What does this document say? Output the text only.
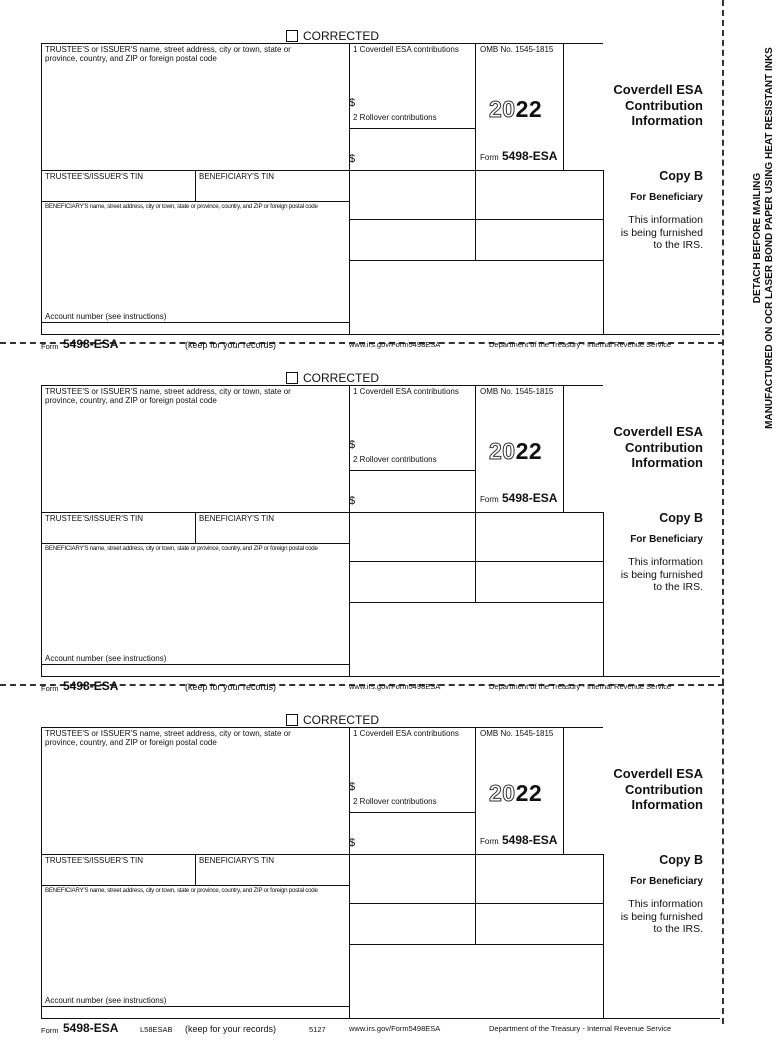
DETACH BEFORE MAILING MANUFACTURED ON OCR LASER BOND PAPER USING HEAT RESISTANT INKS
CORRECTED
TRUSTEE'S or ISSUER'S name, street address, city or town, state or
province, country, and ZIP or foreign postal code
1 Coverdell ESA contributions
$
2 Rollover contributions
$
OMB No. 1545-1815
2022
Form 5498-ESA
Coverdell ESA
Contribution
Information
TRUSTEE'S/ISSUER'S TIN	BENEFICIARY'S TIN
BENEFICIARY'S name, street address, city or town, state or province, country, and ZIP or foreign postal code
Copy B
For Beneficiary
This information
is being furnished
to the IRS.
Account number (see instructions)
Form 5498-ESA	(keep for your records)	www.irs.gov/Form5498ESA	Department of the Treasury - Internal Revenue Service
CORRECTED
TRUSTEE'S or ISSUER'S name, street address, city or town, state or
province, country, and ZIP or foreign postal code
1 Coverdell ESA contributions
$
2 Rollover contributions
$
OMB No. 1545-1815
2022
Form 5498-ESA
Coverdell ESA
Contribution
Information
TRUSTEE'S/ISSUER'S TIN	BENEFICIARY'S TIN
BENEFICIARY'S name, street address, city or town, state or province, country, and ZIP or foreign postal code
Copy B
For Beneficiary
This information
is being furnished
to the IRS.
Account number (see instructions)
Form 5498-ESA	(keep for your records)	www.irs.gov/Form5498ESA	Department of the Treasury - Internal Revenue Service
CORRECTED
TRUSTEE'S or ISSUER'S name, street address, city or town, state or
province, country, and ZIP or foreign postal code
1 Coverdell ESA contributions
$
2 Rollover contributions
$
OMB No. 1545-1815
2022
Form 5498-ESA
Coverdell ESA
Contribution
Information
TRUSTEE'S/ISSUER'S TIN	BENEFICIARY'S TIN
BENEFICIARY'S name, street address, city or town, state or province, country, and ZIP or foreign postal code
Copy B
For Beneficiary
This information
is being furnished
to the IRS.
Account number (see instructions)
Form 5498-ESA	(keep for your records)	www.irs.gov/Form5498ESA	Department of the Treasury - Internal Revenue Service
L58ESAB	5127
